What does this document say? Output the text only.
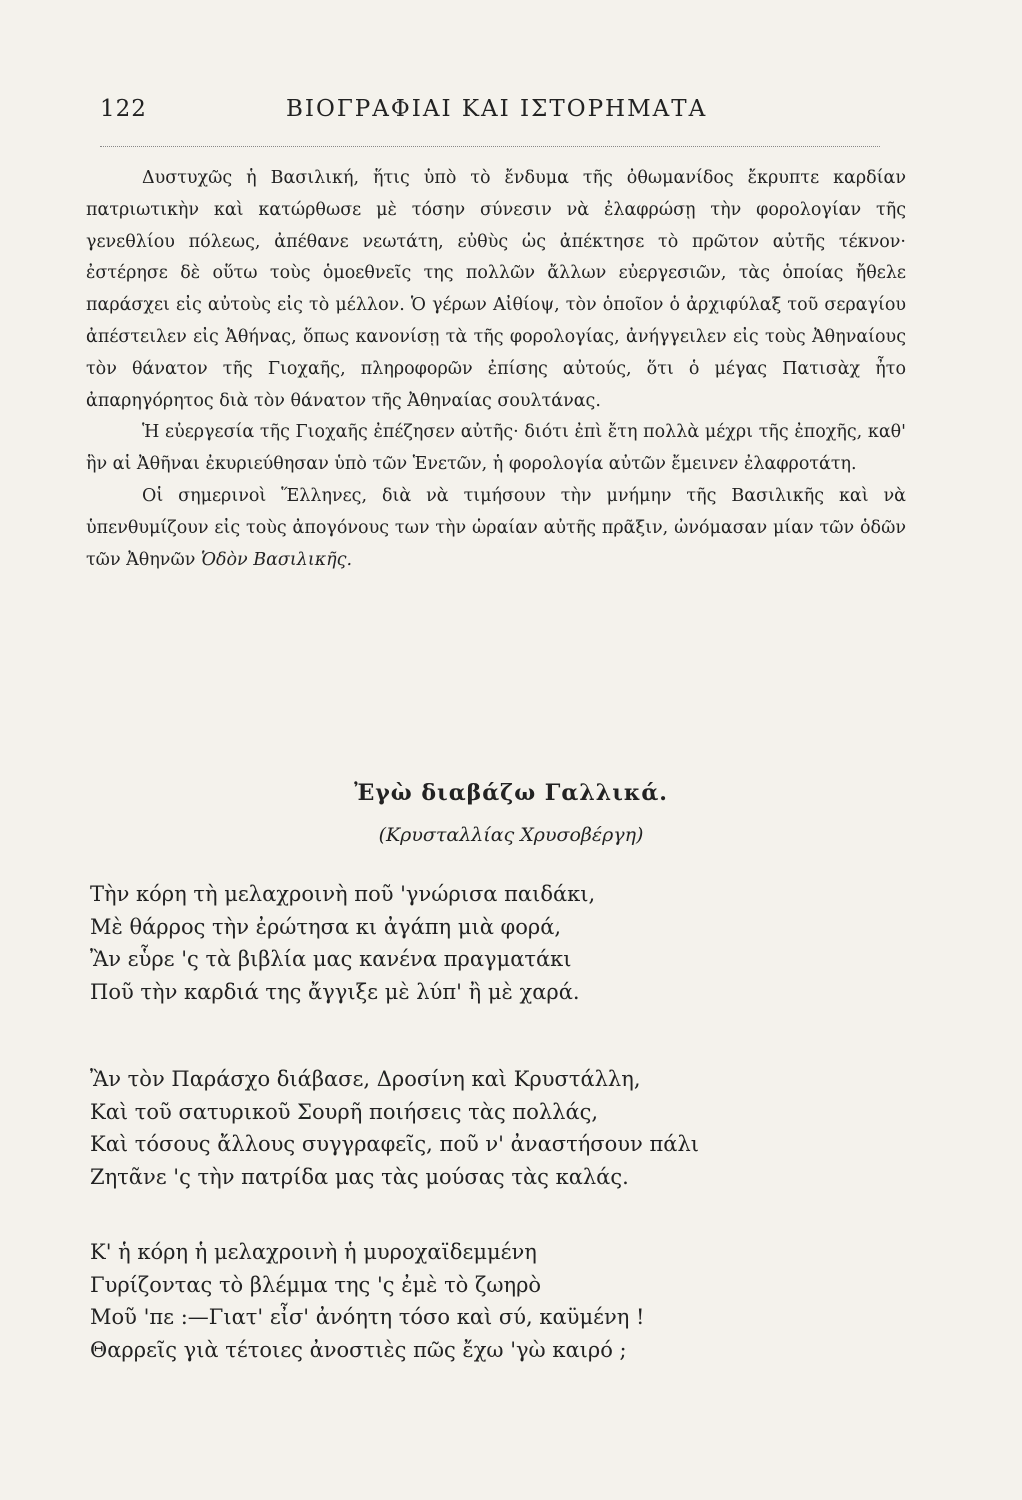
122	ΒΙΟΓΡΑΦΙΑΙ ΚΑΙ ΙΣΤΟΡΗΜΑΤΑ

Δυστυχῶς ἡ Βασιλική, ἥτις ὑπὸ τὸ ἔνδυμα τῆς ὀθωμανίδος ἔκρυπτε καρδίαν πατριωτικὴν καὶ κατώρθωσε μὲ τόσην σύνεσιν νὰ ἐλαφρώσῃ τὴν φορολογίαν τῆς γενεθλίου πόλεως, ἀπέθανε νεωτάτη, εὐθὺς ὡς ἀπέκτησε τὸ πρῶτον αὐτῆς τέκνον· ἐστέρησε δὲ οὕτω τοὺς ὁμοεθνεῖς της πολλῶν ἄλλων εὐεργεσιῶν, τὰς ὁποίας ἤθελε παράσχει εἰς αὐτοὺς εἰς τὸ μέλλον. Ὁ γέρων Αἰθίοψ, τὸν ὁποῖον ὁ ἀρχιφύλαξ τοῦ σεραγίου ἀπέστειλεν εἰς Ἀθήνας, ὅπως κανονίσῃ τὰ τῆς φορολογίας, ἀνήγγειλεν εἰς τοὺς Ἀθηναίους τὸν θάνατον τῆς Γιοχαῆς, πληροφορῶν ἐπίσης αὐτούς, ὅτι ὁ μέγας Πατισὰχ ἦτο ἀπαρηγόρητος διὰ τὸν θάνατον τῆς Ἀθηναίας σουλτάνας.

Ἡ εὐεργεσία τῆς Γιοχαῆς ἐπέζησεν αὐτῆς· διότι ἐπὶ ἔτη πολλὰ μέχρι τῆς ἐποχῆς, καθ' ἣν αἱ Ἀθῆναι ἐκυριεύθησαν ὑπὸ τῶν Ἑνετῶν, ἡ φορολογία αὐτῶν ἔμεινεν ἐλαφροτάτη.

Οἱ σημερινοὶ Ἕλληνες, διὰ νὰ τιμήσουν τὴν μνήμην τῆς Βασιλικῆς καὶ νὰ ὑπενθυμίζουν εἰς τοὺς ἀπογόνους των τὴν ὡραίαν αὐτῆς πρᾶξιν, ὠνόμασαν μίαν τῶν ὁδῶν τῶν Ἀθηνῶν Ὁδὸν Βασιλικῆς.

Ἐγὼ διαβάζω Γαλλικά.
(Κρυσταλλίας Χρυσοβέργη)
Τὴν κόρη τὴ μελαχροινὴ ποῦ 'γνώρισα παιδάκι,
Μὲ θάρρος τὴν ἐρώτησα κι ἀγάπη μιὰ φορά,
Ἂν εὗρε 'ς τὰ βιβλία μας κανένα πραγματάκι
Ποῦ τὴν καρδιά της ἄγγιξε μὲ λύπ' ἢ μὲ χαρά.
Ἂν τὸν Παράσχο διάβασε, Δροσίνη καὶ Κρυστάλλη,
Καὶ τοῦ σατυρικοῦ Σουρῆ ποιήσεις τὰς πολλάς,
Καὶ τόσους ἄλλους συγγραφεῖς, ποῦ ν' ἀναστήσουν πάλι
Ζητᾶνε 'ς τὴν πατρίδα μας τὰς μούσας τὰς καλάς.
Κ' ἡ κόρη ἡ μελαχροινὴ ἡ μυροχαϊδεμμένη
Γυρίζοντας τὸ βλέμμα της 'ς ἐμὲ τὸ ζωηρὸ
Μοῦ 'πε :—Γιατ' εἶσ' ἀνόητη τόσο καὶ σύ, καϋμένη !
Θαρρεῖς γιὰ τέτοιες ἀνοστιὲς πῶς ἔχω 'γὼ καιρό ;
